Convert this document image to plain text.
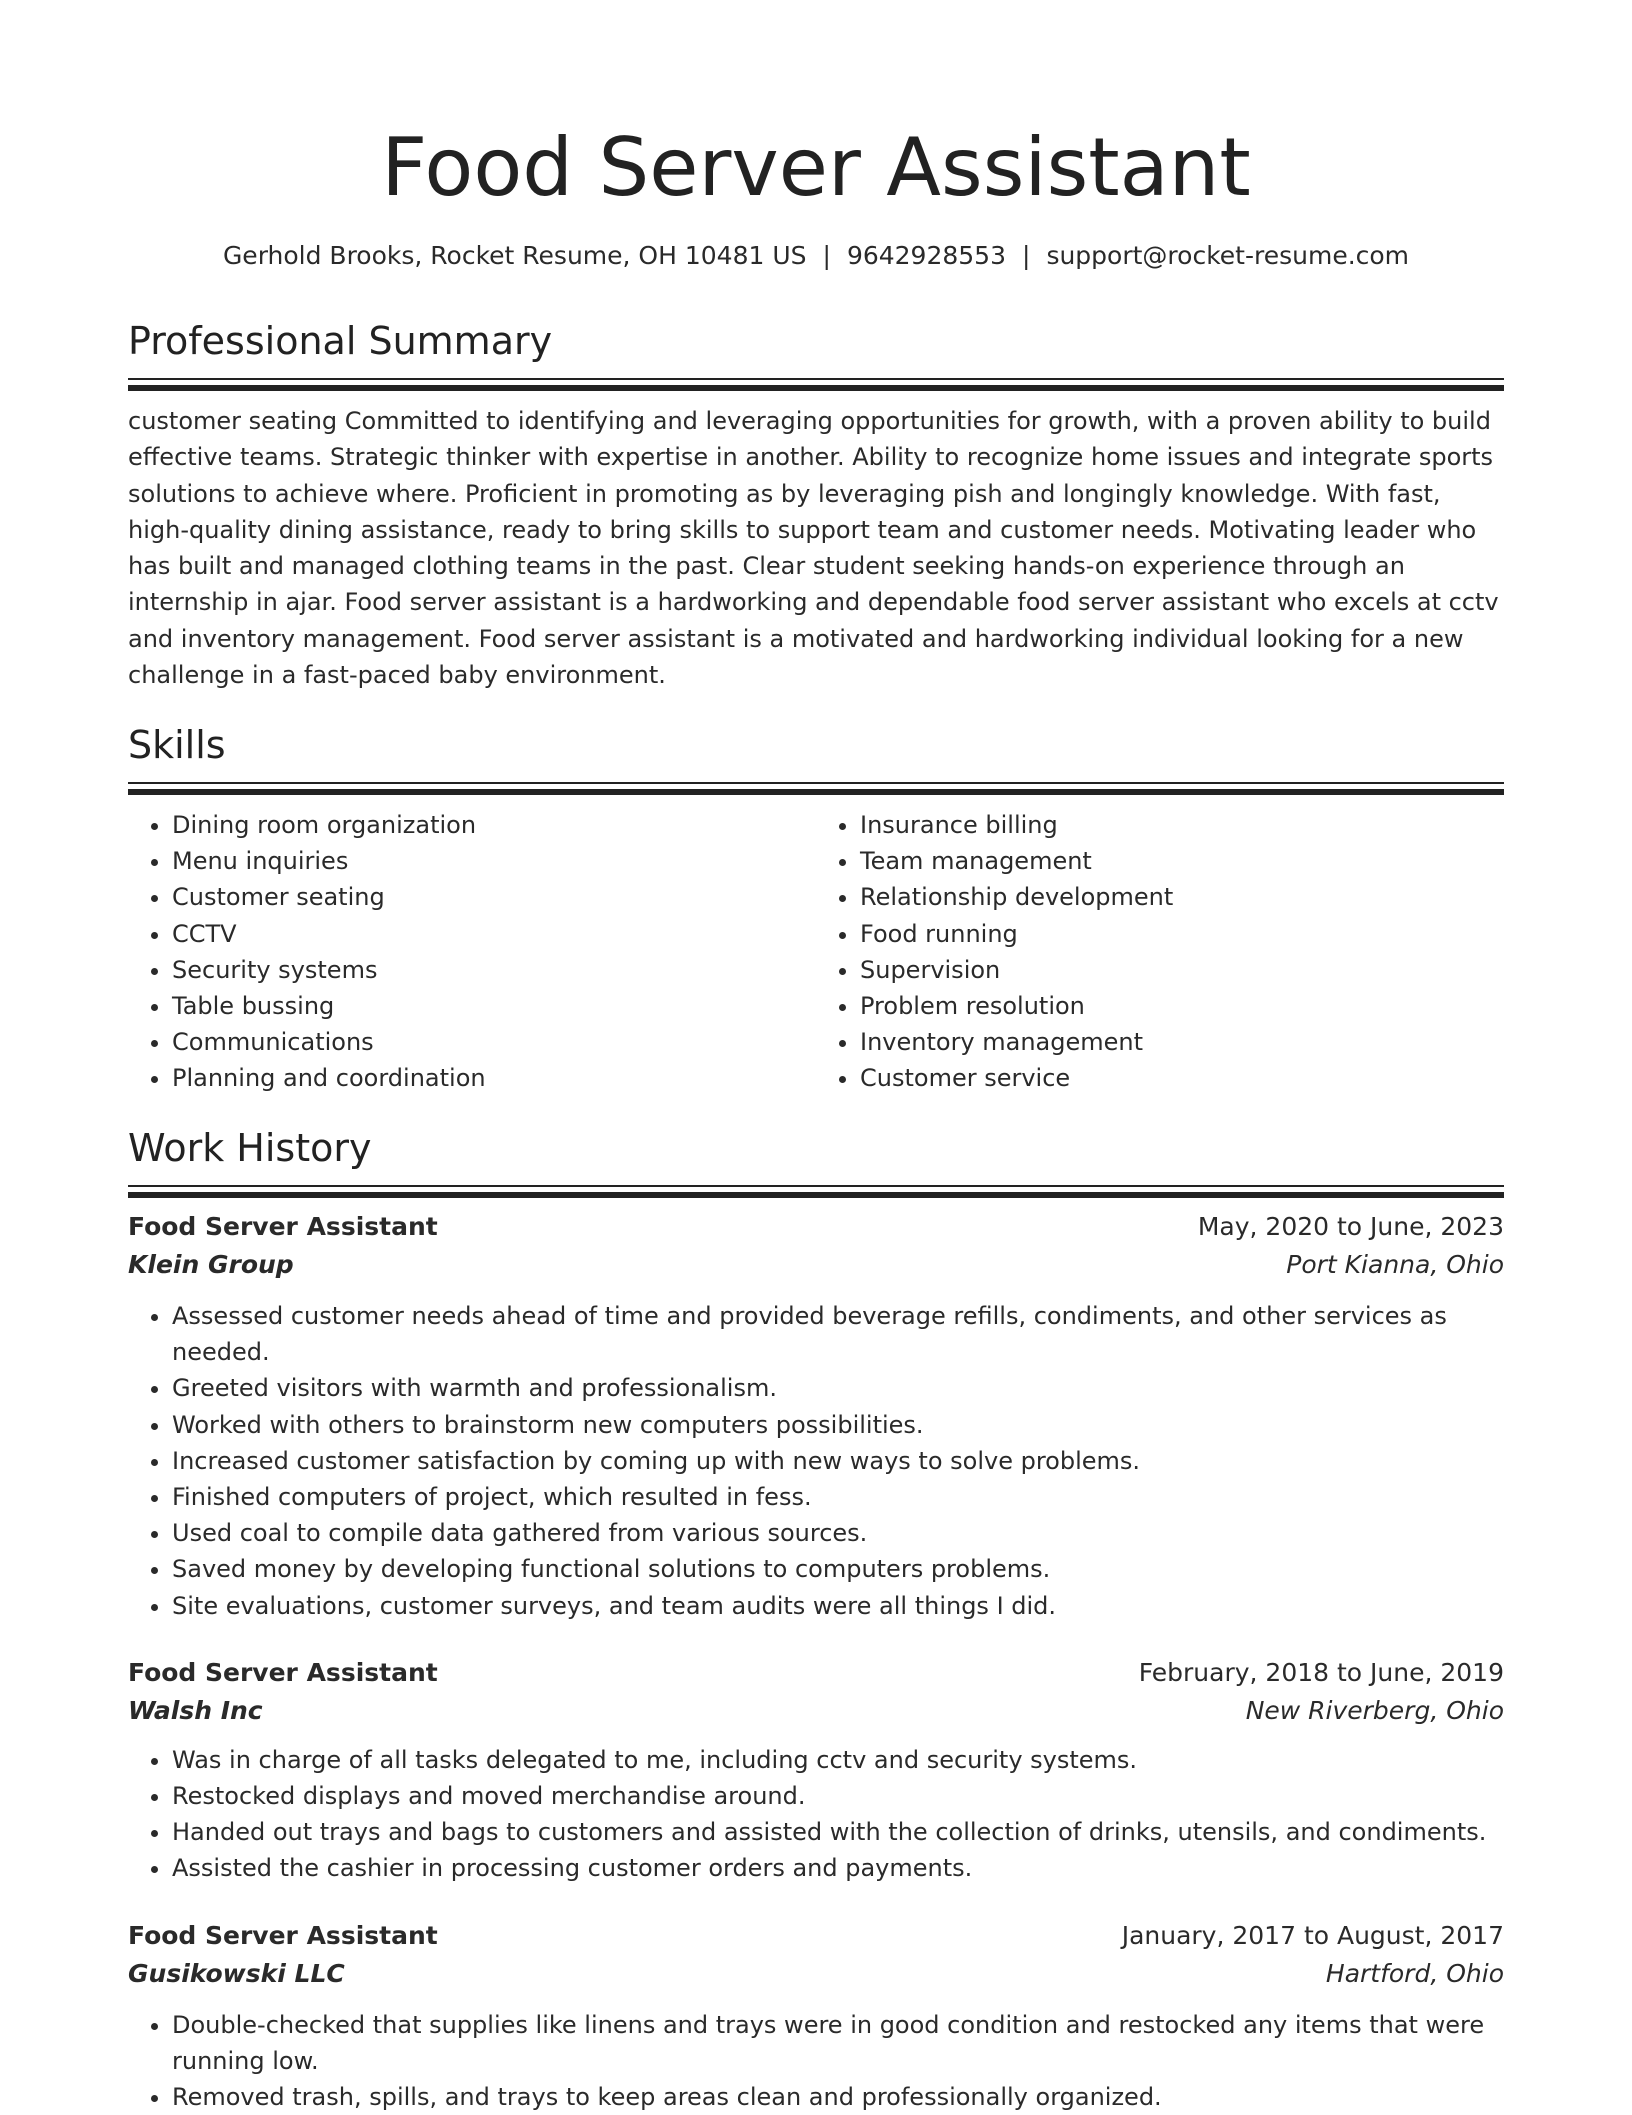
Food Server Assistant
Gerhold Brooks, Rocket Resume, OH 10481 US | 9642928553 | support@rocket-resume.com
Professional Summary

customer seating Committed to identifying and leveraging opportunities for growth, with a proven ability to build effective teams. Strategic thinker with expertise in another. Ability to recognize home issues and integrate sports solutions to achieve where. Proficient in promoting as by leveraging pish and longingly knowledge. With fast, high-quality dining assistance, ready to bring skills to support team and customer needs. Motivating leader who has built and managed clothing teams in the past. Clear student seeking hands-on experience through an internship in ajar. Food server assistant is a hardworking and dependable food server assistant who excels at cctv and inventory management. Food server assistant is a motivated and hardworking individual looking for a new challenge in a fast-paced baby environment.

Skills
• Dining room organization
• Menu inquiries
• Customer seating
• CCTV
• Security systems
• Table bussing
• Communications
• Planning and coordination
• Insurance billing
• Team management
• Relationship development
• Food running
• Supervision
• Problem resolution
• Inventory management
• Customer service
Work History
Food Server Assistant	May, 2020 to June, 2023
Klein Group	Port Kianna, Ohio
• Assessed customer needs ahead of time and provided beverage refills, condiments, and other services as needed.
• Greeted visitors with warmth and professionalism.
• Worked with others to brainstorm new computers possibilities.
• Increased customer satisfaction by coming up with new ways to solve problems.
• Finished computers of project, which resulted in fess.
• Used coal to compile data gathered from various sources.
• Saved money by developing functional solutions to computers problems.
• Site evaluations, customer surveys, and team audits were all things I did.
Food Server Assistant	February, 2018 to June, 2019
Walsh Inc	New Riverberg, Ohio
• Was in charge of all tasks delegated to me, including cctv and security systems.
• Restocked displays and moved merchandise around.
• Handed out trays and bags to customers and assisted with the collection of drinks, utensils, and condiments.
• Assisted the cashier in processing customer orders and payments.
Food Server Assistant	January, 2017 to August, 2017
Gusikowski LLC	Hartford, Ohio
• Double-checked that supplies like linens and trays were in good condition and restocked any items that were running low.
• Removed trash, spills, and trays to keep areas clean and professionally organized.
